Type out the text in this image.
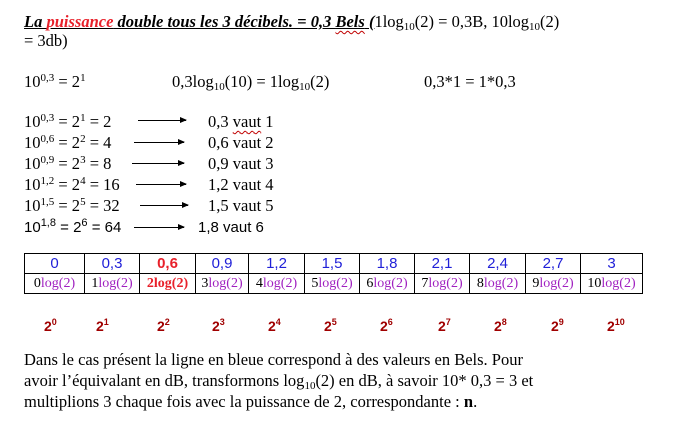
La puissance double tous les 3 décibels. = 0,3 Bels ($1\log_{10}(2) = 0,3B$, $10\log_{10}(2)$
= 3db)
$10^{0,3} = 2^1$	$0,3\log_{10}(10) = 1\log_{10}(2)$	0,3*1 = 1*0,3
$10^{0,3} = 2^1 = 2$	0,3 vaut 1
$10^{0,6} = 2^2 = 4$	0,6 vaut 2
$10^{0,9} = 2^3 = 8$	0,9 vaut 3
$10^{1,2} = 2^4 = 16$	1,2 vaut 4
$10^{1,5} = 2^5 = 32$	1,5 vaut 5
$10^{1,8} = 2^6 = 64$	1,8 vaut 6
0	0,3	0,6	0,9	1,2	1,5	1,8	2,1	2,4	2,7	3
0log(2)	1log(2)	2log(2)	3log(2)	4log(2)	5log(2)	6log(2)	7log(2)	8log(2)	9log(2)	10log(2)
$2^0$	$2^1$	$2^2$	$2^3$	$2^4$	$2^5$	$2^6$	$2^7$	$2^8$	$2^9$	$2^{10}$
Dans le cas présent la ligne en bleue correspond à des valeurs en Bels. Pour
avoir l’équivalant en dB, transformons $\log_{10}(2)$ en dB, à savoir 10* 0,3 = 3 et
multiplions 3 chaque fois avec la puissance de 2, correspondante : n.
